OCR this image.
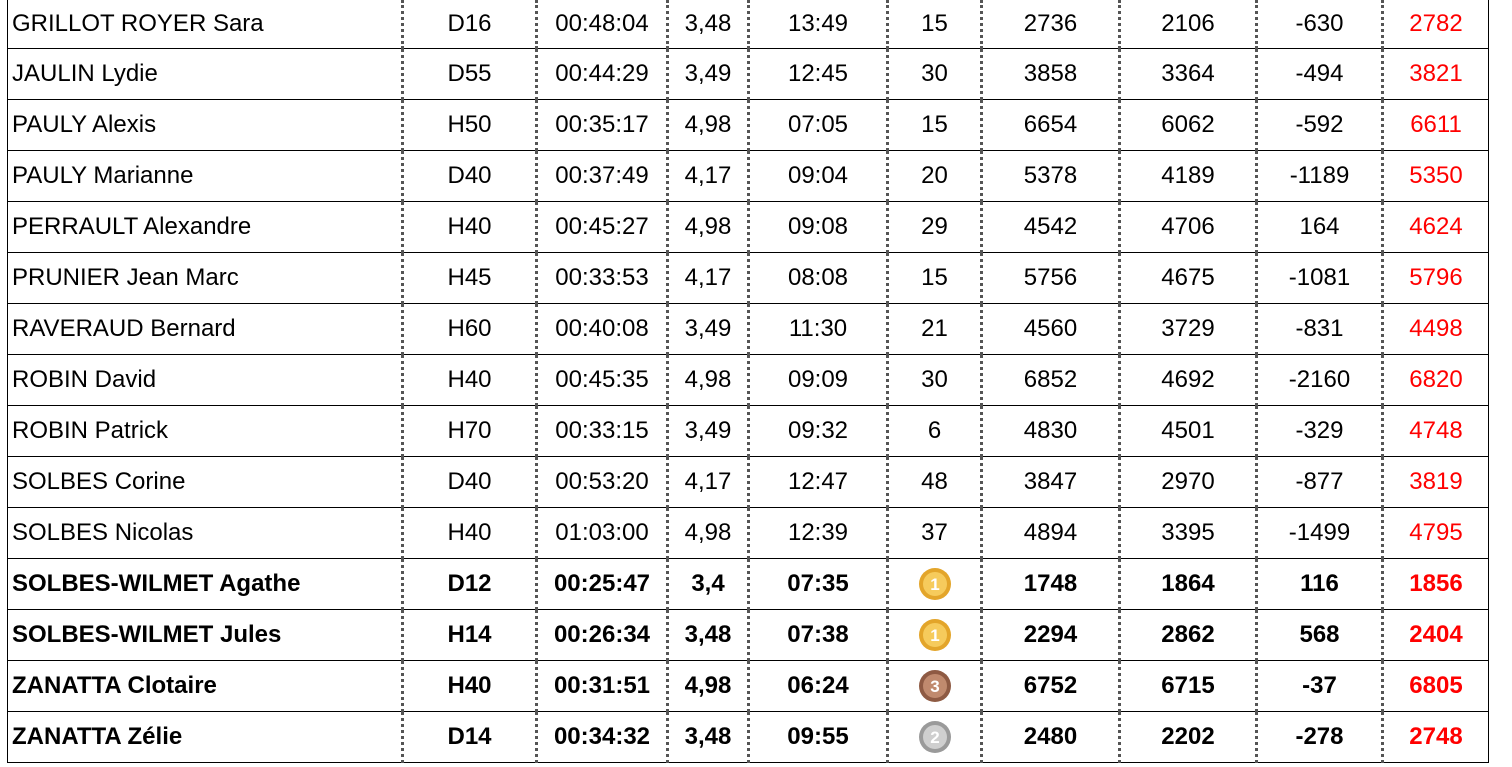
GRILLOT ROYER Sara	D16	00:48:04	3,48	13:49	15	2736	2106	-630	2782
JAULIN Lydie	D55	00:44:29	3,49	12:45	30	3858	3364	-494	3821
PAULY Alexis	H50	00:35:17	4,98	07:05	15	6654	6062	-592	6611
PAULY Marianne	D40	00:37:49	4,17	09:04	20	5378	4189	-1189	5350
PERRAULT Alexandre	H40	00:45:27	4,98	09:08	29	4542	4706	164	4624
PRUNIER Jean Marc	H45	00:33:53	4,17	08:08	15	5756	4675	-1081	5796
RAVERAUD Bernard	H60	00:40:08	3,49	11:30	21	4560	3729	-831	4498
ROBIN David	H40	00:45:35	4,98	09:09	30	6852	4692	-2160	6820
ROBIN Patrick	H70	00:33:15	3,49	09:32	6	4830	4501	-329	4748
SOLBES Corine	D40	00:53:20	4,17	12:47	48	3847	2970	-877	3819
SOLBES Nicolas	H40	01:03:00	4,98	12:39	37	4894	3395	-1499	4795
SOLBES-WILMET Agathe	D12	00:25:47	3,4	07:35	1	1748	1864	116	1856
SOLBES-WILMET Jules	H14	00:26:34	3,48	07:38	1	2294	2862	568	2404
ZANATTA Clotaire	H40	00:31:51	4,98	06:24	3	6752	6715	-37	6805
ZANATTA Zélie	D14	00:34:32	3,48	09:55	2	2480	2202	-278	2748
